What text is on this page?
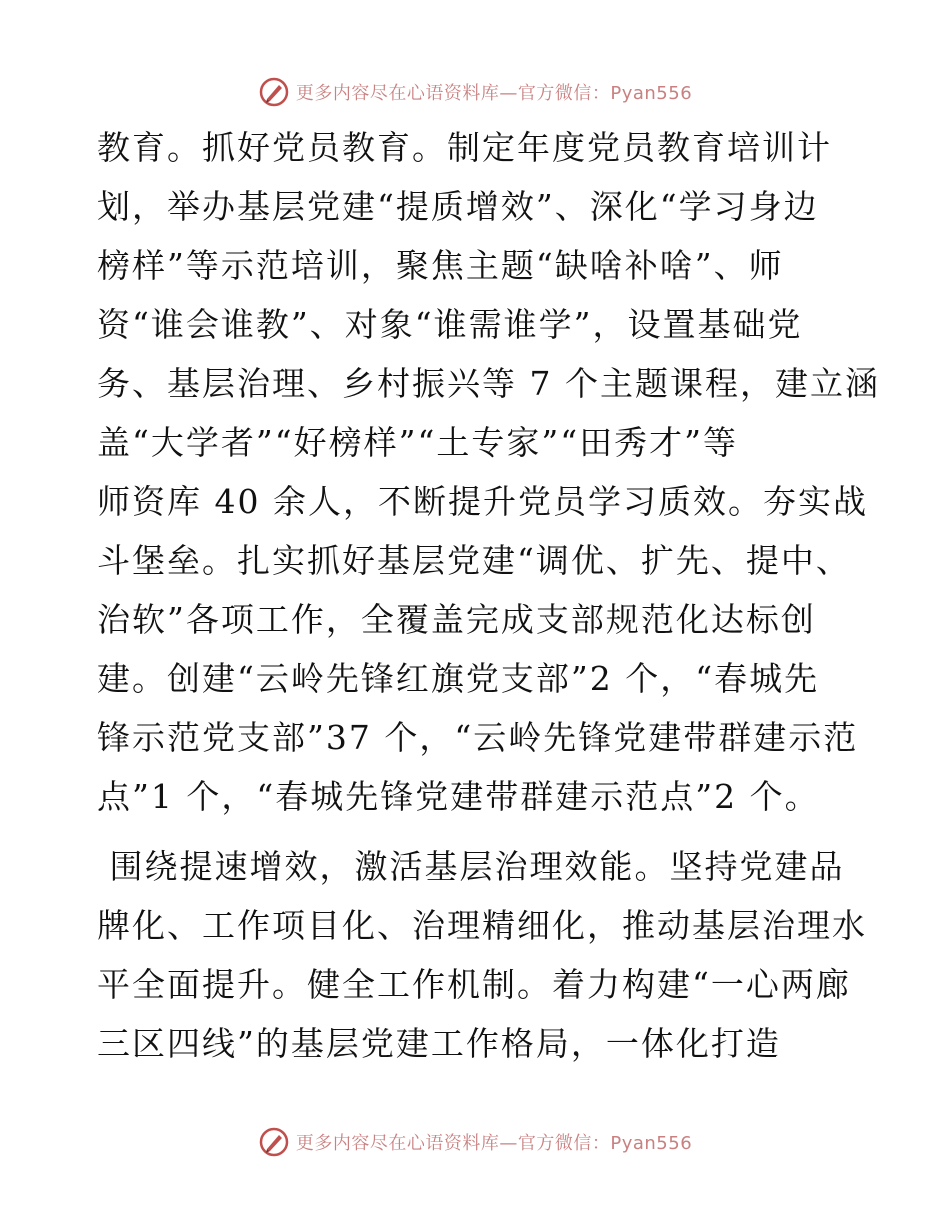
更多内容尽在心语资料库—官方微信：Pyan556

教育。抓好党员教育。制定年度党员教育培训计
划，举办基层党建“提质增效”、深化“学习身边
榜样”等示范培训，聚焦主题“缺啥补啥”、师
资“谁会谁教”、对象“谁需谁学”，设置基础党
务、基层治理、乡村振兴等 7 个主题课程，建立涵
盖“大学者”“好榜样”“土专家”“田秀才”等
师资库 40 余人，不断提升党员学习质效。夯实战
斗堡垒。扎实抓好基层党建“调优、扩先、提中、
治软”各项工作，全覆盖完成支部规范化达标创
建。创建“云岭先锋红旗党支部”2 个，“春城先
锋示范党支部”37 个，“云岭先锋党建带群建示范
点”1 个，“春城先锋党建带群建示范点”2 个。

围绕提速增效，激活基层治理效能。坚持党建品
牌化、工作项目化、治理精细化，推动基层治理水
平全面提升。健全工作机制。着力构建“一心两廊
三区四线”的基层党建工作格局，一体化打造

更多内容尽在心语资料库—官方微信：Pyan556
